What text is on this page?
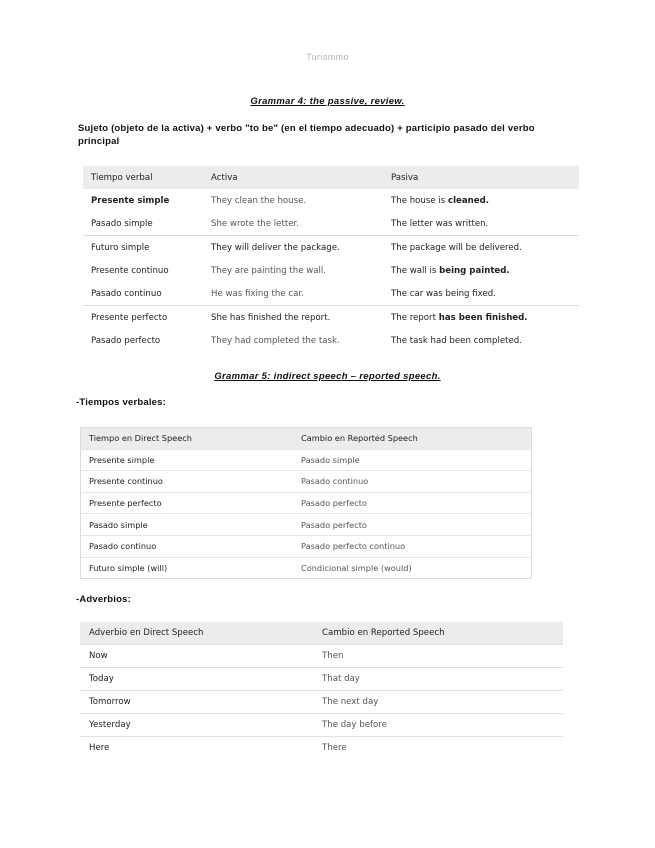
Turismmo
Grammar 4: the passive, review.
Sujeto (objeto de la activa) + verbo "to be" (en el tiempo adecuado) + participio pasado del verbo principal
Tiempo verbal	Activa	Pasiva
Presente simple	They clean the house.	The house is cleaned.
Pasado simple	She wrote the letter.	The letter was written.
Futuro simple	They will deliver the package.	The package will be delivered.
Presente continuo	They are painting the wall.	The wall is being painted.
Pasado continuo	He was fixing the car.	The car was being fixed.
Presente perfecto	She has finished the report.	The report has been finished.
Pasado perfecto	They had completed the task.	The task had been completed.
Grammar 5: indirect speech – reported speech.
-Tiempos verbales:
Tiempo en Direct Speech	Cambio en Reported Speech
Presente simple	Pasado simple
Presente continuo	Pasado continuo
Presente perfecto	Pasado perfecto
Pasado simple	Pasado perfecto
Pasado continuo	Pasado perfecto continuo
Futuro simple (will)	Condicional simple (would)
-Adverbios:
Adverbio en Direct Speech	Cambio en Reported Speech
Now	Then
Today	That day
Tomorrow	The next day
Yesterday	The day before
Here	There
